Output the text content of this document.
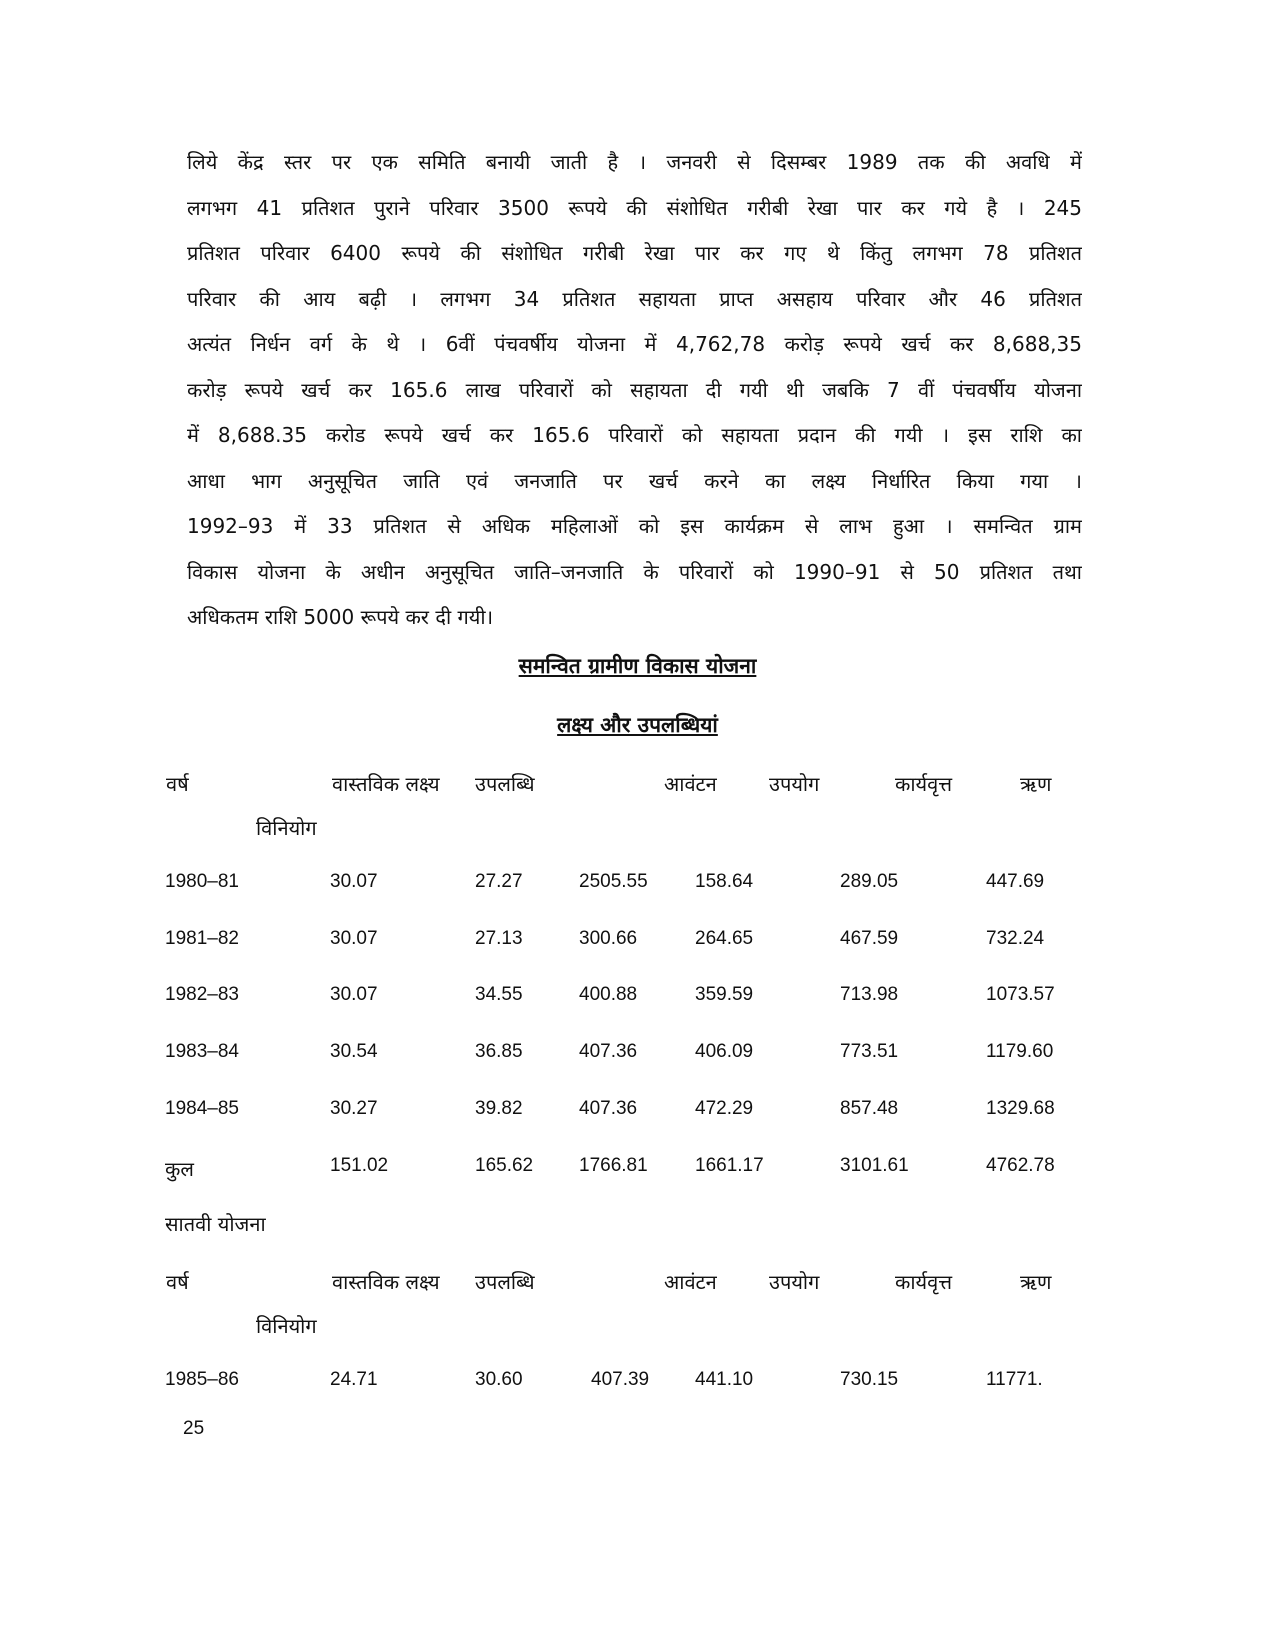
लिये केंद्र स्तर पर एक समिति बनायी जाती है । जनवरी से दिसम्बर 1989 तक की अवधि में
लगभग 41 प्रतिशत पुराने परिवार 3500 रूपये की संशोधित गरीबी रेखा पार कर गये है । 245
प्रतिशत परिवार 6400 रूपये की संशोधित गरीबी रेखा पार कर गए थे किंतु लगभग 78 प्रतिशत
परिवार की आय बढ़ी । लगभग 34 प्रतिशत सहायता प्राप्त असहाय परिवार और 46 प्रतिशत
अत्यंत निर्धन वर्ग के थे । 6वीं पंचवर्षीय योजना में 4,762,78 करोड़ रूपये खर्च कर 8,688,35
करोड़ रूपये खर्च कर 165.6 लाख परिवारों को सहायता दी गयी थी जबकि 7 वीं पंचवर्षीय योजना
में 8,688.35 करोड रूपये खर्च कर 165.6 परिवारों को सहायता प्रदान की गयी । इस राशि का
आधा भाग अनुसूचित जाति एवं जनजाति पर खर्च करने का लक्ष्य निर्धारित किया गया ।
1992–93 में 33 प्रतिशत से अधिक महिलाओं को इस कार्यक्रम से लाभ हुआ । समन्वित ग्राम
विकास योजना के अधीन अनुसूचित जाति–जनजाति के परिवारों को 1990–91 से 50 प्रतिशत तथा
अधिकतम राशि 5000 रूपये कर दी गयी।
समन्वित ग्रामीण विकास योजना
लक्ष्य और उपलब्धियां
वर्ष	वास्तविक लक्ष्य उपलब्धि	आवंटन	उपयोग	कार्यवृत्त	ऋण
विनियोग
1980–81	30.07	27.27	2505.55 158.64	289.05	447.69
1981–82	30.07	27.13	300.66	264.65	467.59	732.24
1982–83	30.07	34.55	400.88	359.59	713.98	1073.57
1983–84	30.54	36.85	407.36	406.09	773.51	1179.60
1984–85	30.27	39.82	407.36	472.29	857.48	1329.68
कुल	151.02	165.62 1766.81 1661.17	3101.61	4762.78
सातवी योजना
वर्ष	वास्तविक लक्ष्य उपलब्धि	आवंटन	उपयोग	कार्यवृत्त	ऋण
विनियोग
1985–86	24.71	30.60	407.39 441.10	730.15	11771.
25
